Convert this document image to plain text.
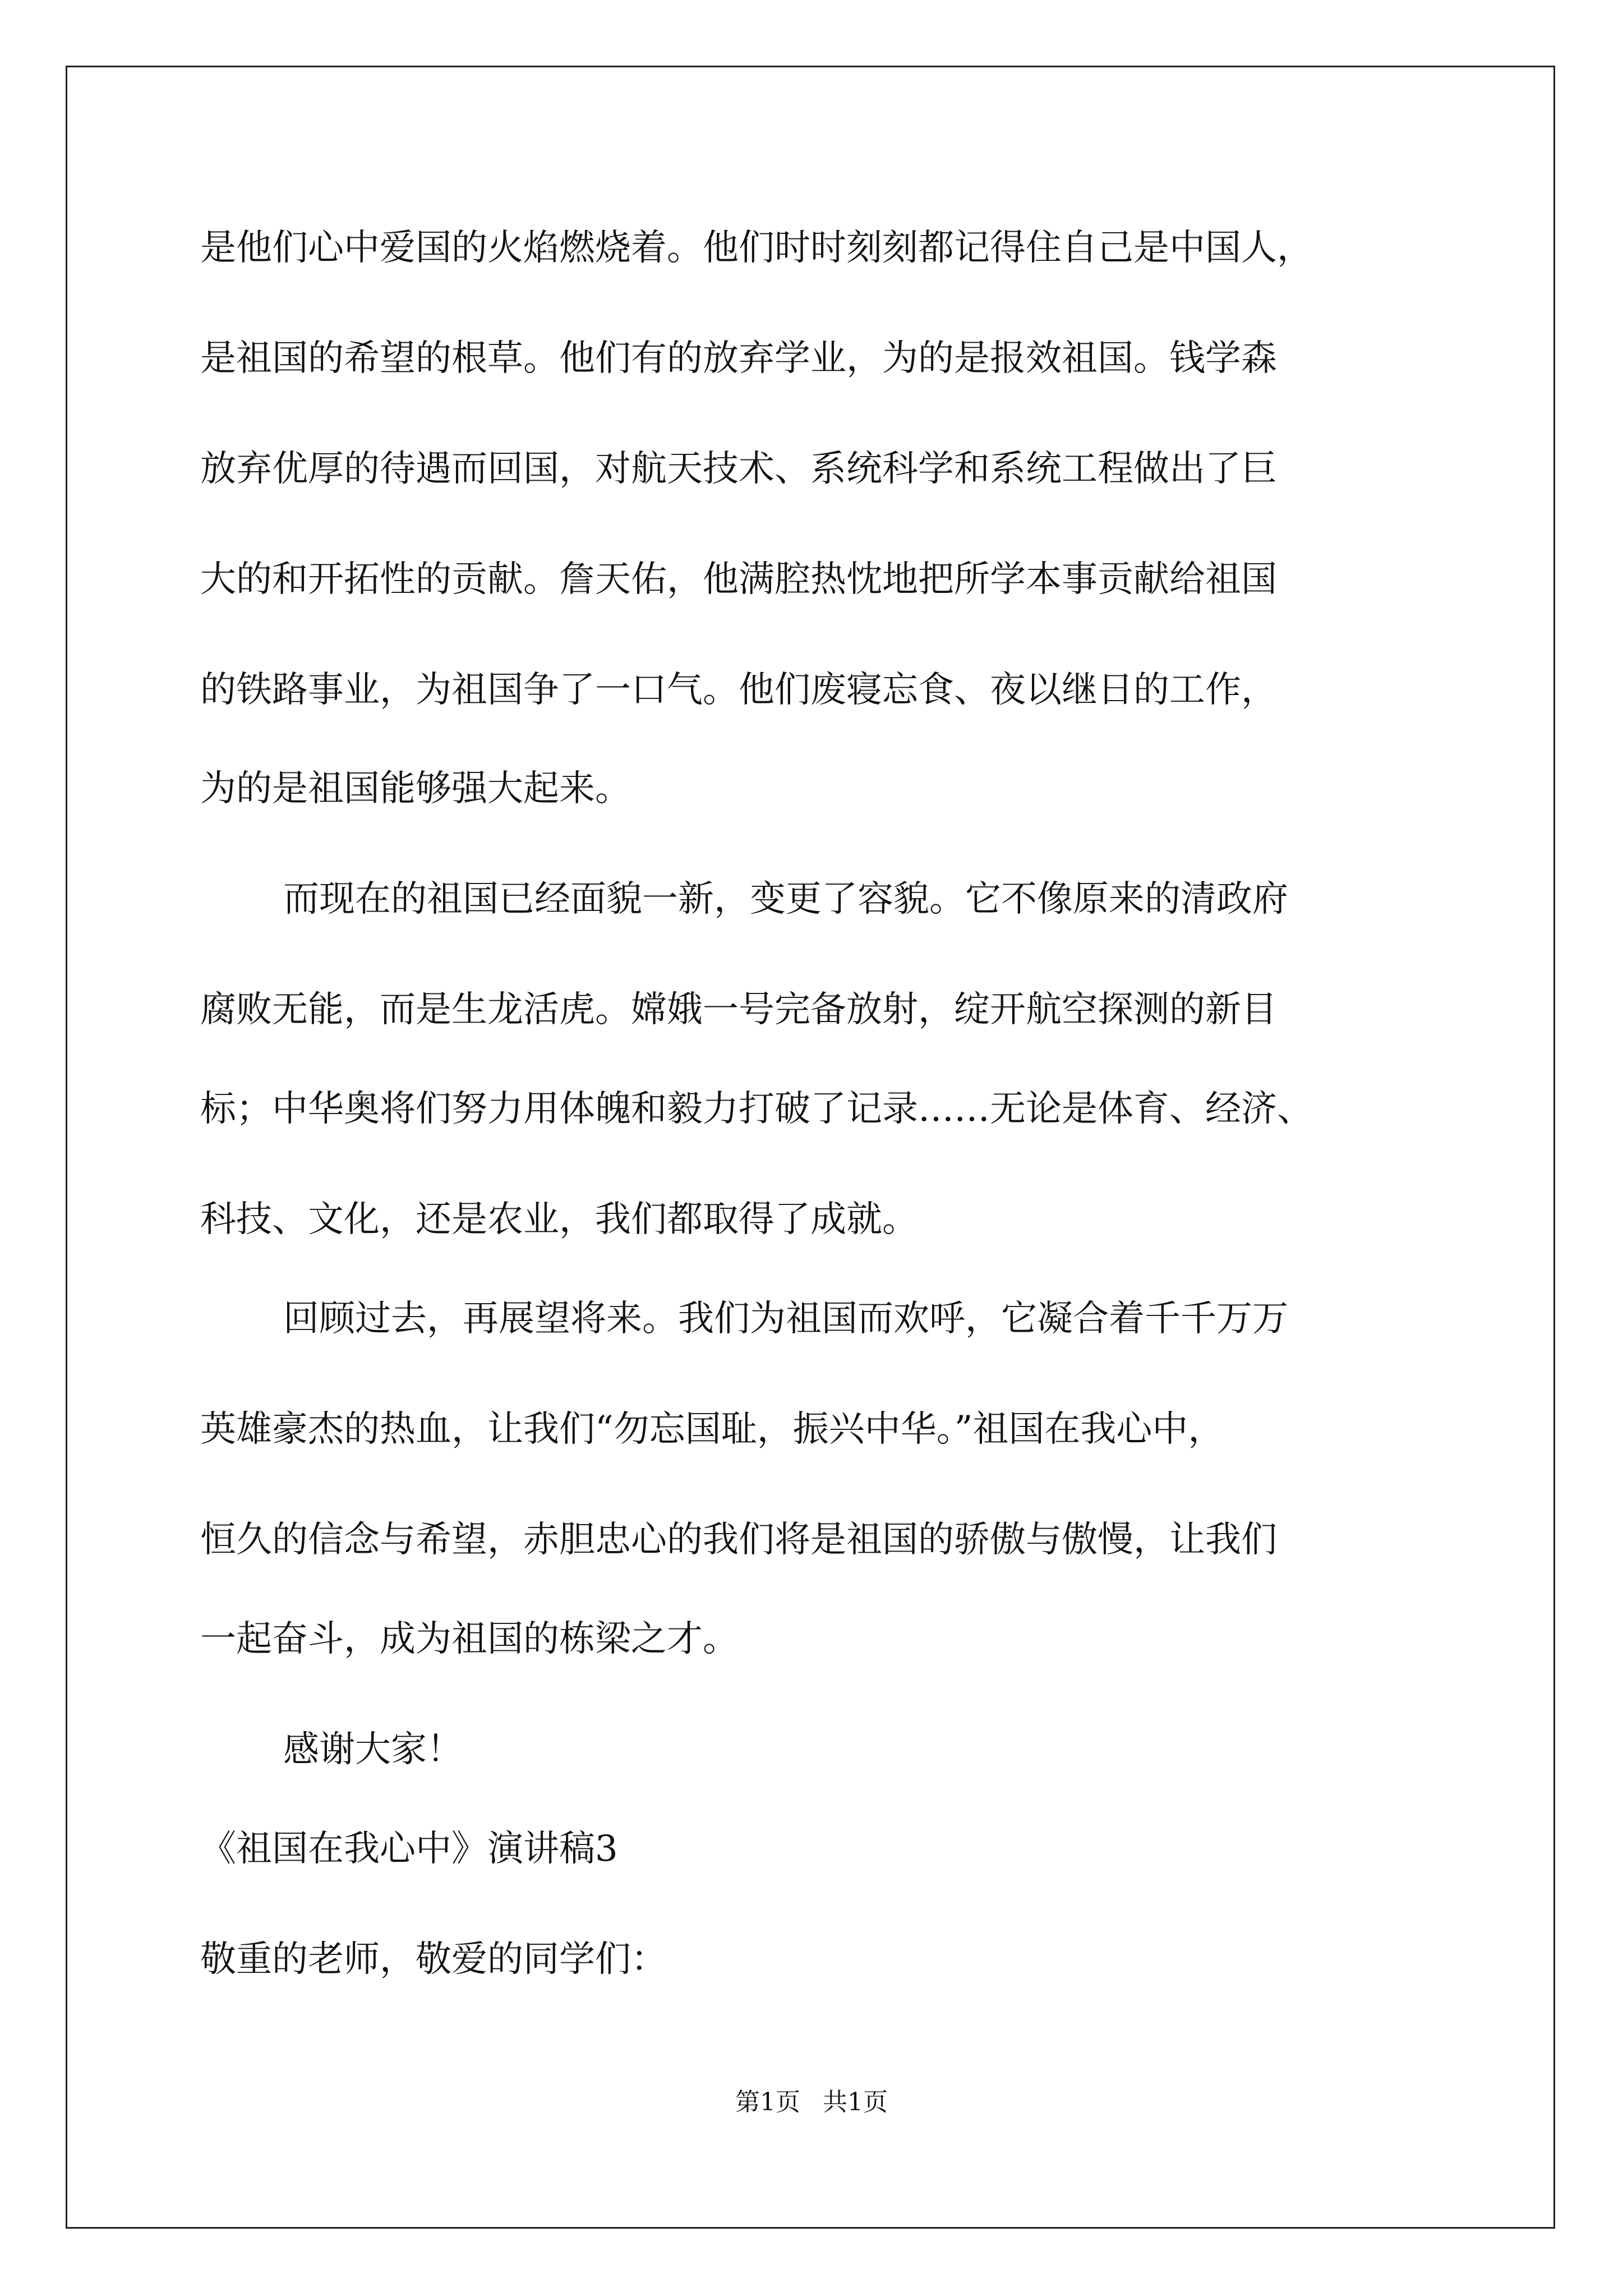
是他们心中爱国的火焰燃烧着。他们时时刻刻都记得住自己是中国人，
是祖国的希望的根草。他们有的放弃学业，为的是报效祖国。钱学森
放弃优厚的待遇而回国，对航天技术、系统科学和系统工程做出了巨
大的和开拓性的贡献。詹天佑，他满腔热忱地把所学本事贡献给祖国
的铁路事业，为祖国争了一口气。他们废寝忘食、夜以继日的工作，
为的是祖国能够强大起来。
而现在的祖国已经面貌一新，变更了容貌。它不像原来的清政府
腐败无能，而是生龙活虎。嫦娥一号完备放射，绽开航空探测的新目
标；中华奥将们努力用体魄和毅力打破了记录……无论是体育、经济、
科技、文化，还是农业，我们都取得了成就。
回顾过去，再展望将来。我们为祖国而欢呼，它凝合着千千万万
英雄豪杰的热血，让我们“勿忘国耻，振兴中华。”祖国在我心中，
恒久的信念与希望，赤胆忠心的我们将是祖国的骄傲与傲慢，让我们
一起奋斗，成为祖国的栋梁之才。
感谢大家！
《祖国在我心中》演讲稿3
敬重的老师，敬爱的同学们：
第1页 共1页
